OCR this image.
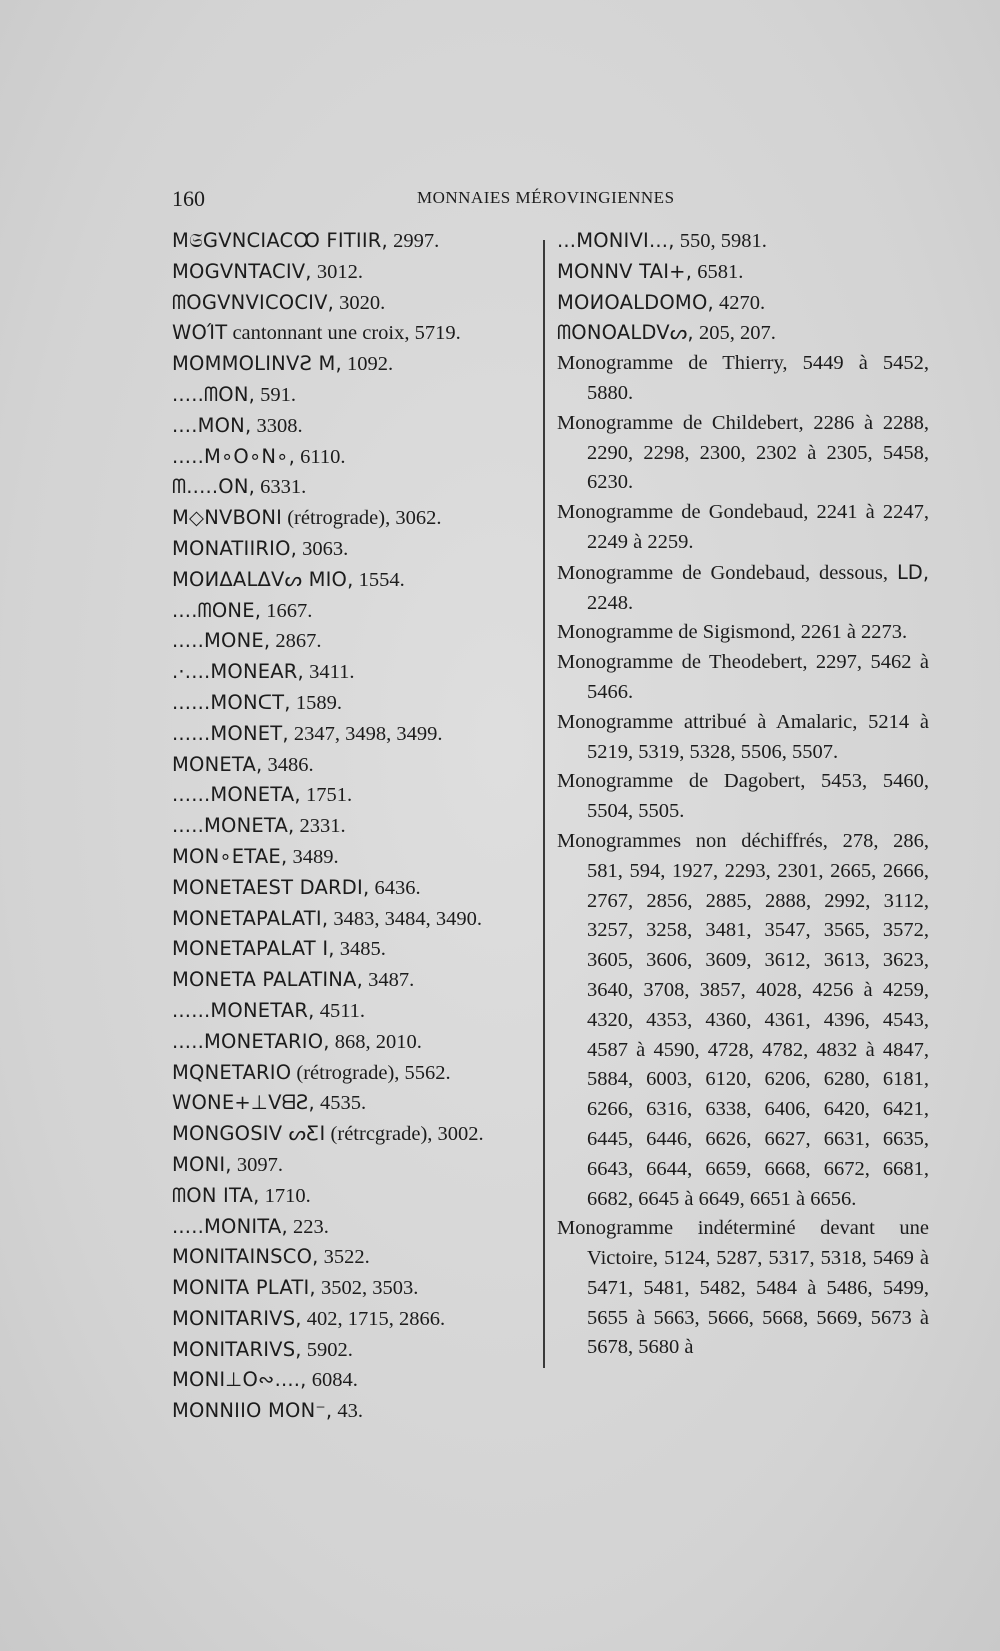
160	MONNAIES MÉROVINGIENNES
M𝔖GVNCIACꝎ FITIIR, 2997.
MOGVNTACIV, 3012.
ᗰOGVNVICOCIV, 3020.
WOΊT cantonnant une croix, 5719.
MOMMOLINVƧ M, 1092.
.....ᗰON, 591.
....MON, 3308.
.....M∘O∘N∘, 6110.
ᗰ.....ON, 6331.
M◇NVBONI (rétrograde), 3062.
MONATIIRIO, 3063.
MOИΔALΔVᔕ MIO, 1554.
....ᗰONE, 1667.
.....MONE, 2867.
.·....MONEAR, 3411.
......MONᑕT, 1589.
......MONET, 2347, 3498, 3499.
MONETA, 3486.
......MONETA, 1751.
.....MONETA, 2331.
MON∘ETAE, 3489.
MONETAEST DARDI, 6436.
MONETAPALATI, 3483, 3484, 3490.
MONETAPALAT I, 3485.
MONETA PALATINA, 3487.
......MONETAR, 4511.
.....MONETARIO, 868, 2010.
MQNETARIO (rétrograde), 5562.
WONE+⊥VᗺƧ, 4535.
MONGOSIV ᔕƸI (rétrcgrade), 3002.
MONI, 3097.
ᗰON ITA, 1710.
.....MONITA, 223.
MONITAINSCO, 3522.
MONITA PLATI, 3502, 3503.
MONITARIVS, 402, 1715, 2866.
MONITARIVS, 5902.
MONI⊥O∾...., 6084.
MONNIIO MON⁻, 43.
...MONIVI..., 550, 5981.
MONNV TAI+, 6581.
MOИOALDOMO, 4270.
ᗰONOALDVᔕ, 205, 207.
Monogramme de Thierry, 5449 à 5452, 5880.
Monogramme de Childebert, 2286 à 2288, 2290, 2298, 2300, 2302 à 2305, 5458, 6230.
Monogramme de Gondebaud, 2241 à 2247, 2249 à 2259.
Monogramme de Gondebaud, dessous, LD, 2248.
Monogramme de Sigismond, 2261 à 2273.
Monogramme de Theodebert, 2297, 5462 à 5466.
Monogramme attribué à Amalaric, 5214 à 5219, 5319, 5328, 5506, 5507.
Monogramme de Dagobert, 5453, 5460, 5504, 5505.
Monogrammes non déchiffrés, 278, 286, 581, 594, 1927, 2293, 2301, 2665, 2666, 2767, 2856, 2885, 2888, 2992, 3112, 3257, 3258, 3481, 3547, 3565, 3572, 3605, 3606, 3609, 3612, 3613, 3623, 3640, 3708, 3857, 4028, 4256 à 4259, 4320, 4353, 4360, 4361, 4396, 4543, 4587 à 4590, 4728, 4782, 4832 à 4847, 5884, 6003, 6120, 6206, 6280, 6181, 6266, 6316, 6338, 6406, 6420, 6421, 6445, 6446, 6626, 6627, 6631, 6635, 6643, 6644, 6659, 6668, 6672, 6681, 6682, 6645 à 6649, 6651 à 6656.
Monogramme indéterminé devant une Victoire, 5124, 5287, 5317, 5318, 5469 à 5471, 5481, 5482, 5484 à 5486, 5499, 5655 à 5663, 5666, 5668, 5669, 5673 à 5678, 5680 à
